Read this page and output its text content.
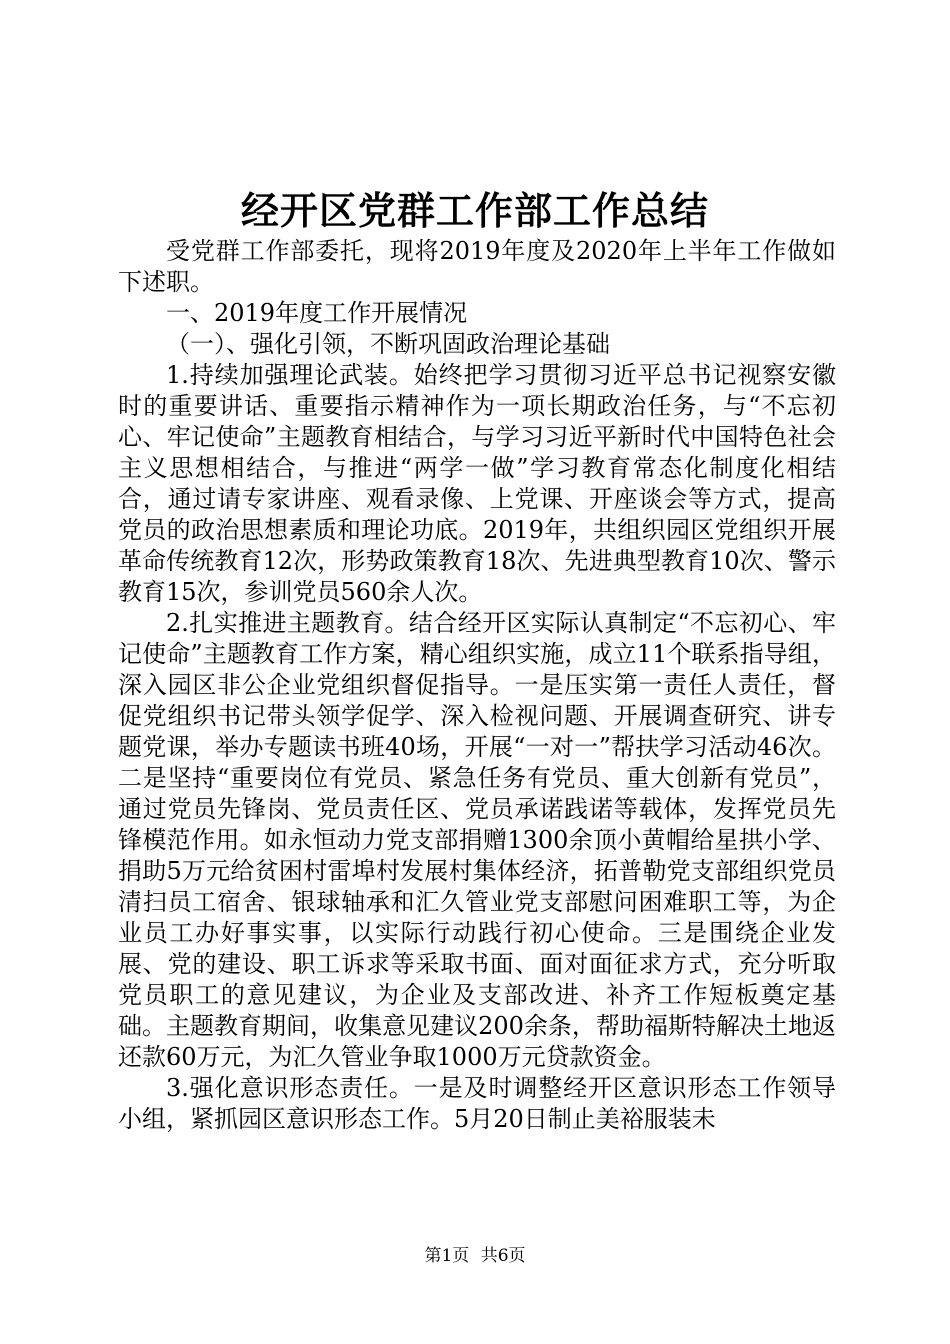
经开区党群工作部工作总结

受党群工作部委托，现将2019年度及2020年上半年工作做如下述职。

一、2019年度工作开展情况

（一）、强化引领，不断巩固政治理论基础

1.持续加强理论武装。始终把学习贯彻习近平总书记视察安徽时的重要讲话、重要指示精神作为一项长期政治任务，与“不忘初心、牢记使命”主题教育相结合，与学习习近平新时代中国特色社会主义思想相结合，与推进“两学一做”学习教育常态化制度化相结合，通过请专家讲座、观看录像、上党课、开座谈会等方式，提高党员的政治思想素质和理论功底。2019年，共组织园区党组织开展革命传统教育12次，形势政策教育18次、先进典型教育10次、警示教育15次，参训党员560余人次。

2.扎实推进主题教育。结合经开区实际认真制定“不忘初心、牢记使命”主题教育工作方案，精心组织实施，成立11个联系指导组，深入园区非公企业党组织督促指导。一是压实第一责任人责任，督促党组织书记带头领学促学、深入检视问题、开展调查研究、讲专题党课，举办专题读书班40场，开展“一对一”帮扶学习活动46次。二是坚持“重要岗位有党员、紧急任务有党员、重大创新有党员”，通过党员先锋岗、党员责任区、党员承诺践诺等载体，发挥党员先锋模范作用。如永恒动力党支部捐赠1300余顶小黄帽给星拱小学、捐助5万元给贫困村雷埠村发展村集体经济，拓普勒党支部组织党员清扫员工宿舍、银球轴承和汇久管业党支部慰问困难职工等，为企业员工办好事实事，以实际行动践行初心使命。三是围绕企业发展、党的建设、职工诉求等采取书面、面对面征求方式，充分听取党员职工的意见建议，为企业及支部改进、补齐工作短板奠定基础。主题教育期间，收集意见建议200余条，帮助福斯特解决土地返还款60万元，为汇久管业争取1000万元贷款资金。

3.强化意识形态责任。一是及时调整经开区意识形态工作领导小组，紧抓园区意识形态工作。5月20日制止美裕服装未

第1页 共6页
